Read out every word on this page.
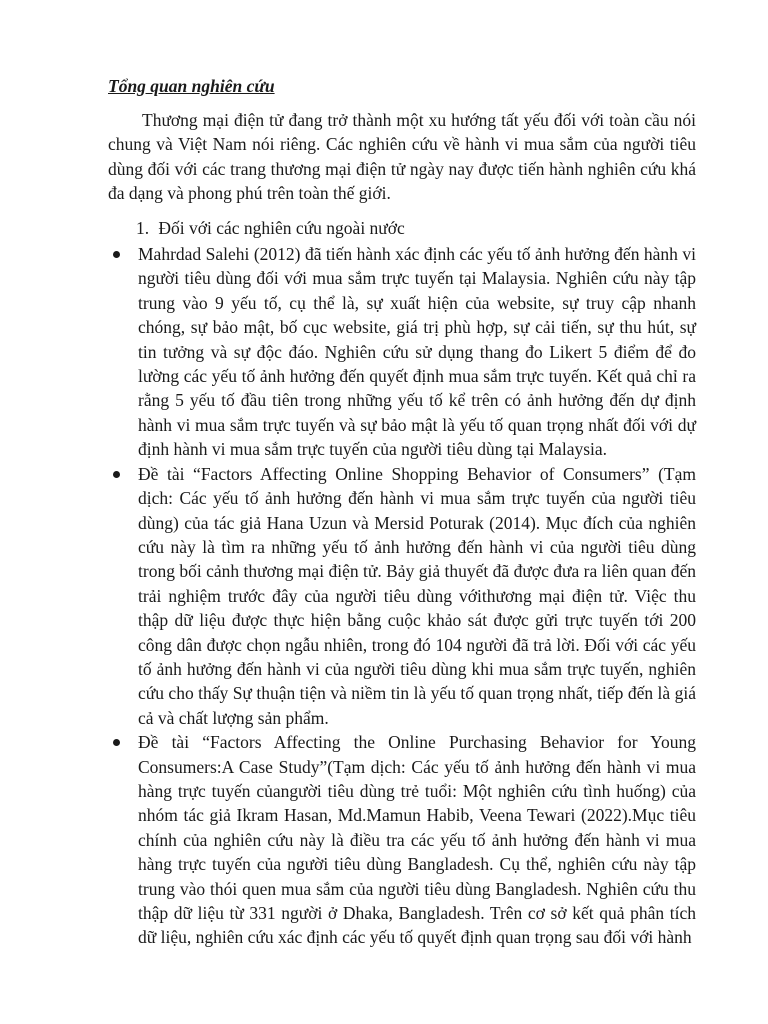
Tổng quan nghiên cứu

Thương mại điện tử đang trở thành một xu hướng tất yếu đối với toàn cầu nói chung và Việt Nam nói riêng. Các nghiên cứu về hành vi mua sắm của người tiêu dùng đối với các trang thương mại điện tử ngày nay được tiến hành nghiên cứu khá đa dạng và phong phú trên toàn thế giới.

1. Đối với các nghiên cứu ngoài nước
Mahrdad Salehi (2012) đã tiến hành xác định các yếu tố ảnh hưởng đến hành vi người tiêu dùng đối với mua sắm trực tuyến tại Malaysia. Nghiên cứu này tập trung vào 9 yếu tố, cụ thể là, sự xuất hiện của website, sự truy cập nhanh chóng, sự bảo mật, bố cục website, giá trị phù hợp, sự cải tiến, sự thu hút, sự tin tưởng và sự độc đáo. Nghiên cứu sử dụng thang đo Likert 5 điểm để đo lường các yếu tố ảnh hưởng đến quyết định mua sắm trực tuyến. Kết quả chỉ ra rằng 5 yếu tố đầu tiên trong những yếu tố kể trên có ảnh hưởng đến dự định hành vi mua sắm trực tuyến và sự bảo mật là yếu tố quan trọng nhất đối với dự định hành vi mua sắm trực tuyến của người tiêu dùng tại Malaysia.
Đề tài “Factors Affecting Online Shopping Behavior of Consumers” (Tạm dịch: Các yếu tố ảnh hưởng đến hành vi mua sắm trực tuyến của người tiêu dùng) của tác giả Hana Uzun và Mersid Poturak (2014). Mục đích của nghiên cứu này là tìm ra những yếu tố ảnh hưởng đến hành vi của người tiêu dùng trong bối cảnh thương mại điện tử. Bảy giả thuyết đã được đưa ra liên quan đến trải nghiệm trước đây của người tiêu dùng vớithương mại điện tử. Việc thu thập dữ liệu được thực hiện bằng cuộc khảo sát được gửi trực tuyến tới 200 công dân được chọn ngẫu nhiên, trong đó 104 người đã trả lời. Đối với các yếu tố ảnh hưởng đến hành vi của người tiêu dùng khi mua sắm trực tuyến, nghiên cứu cho thấy Sự thuận tiện và niềm tin là yếu tố quan trọng nhất, tiếp đến là giá cả và chất lượng sản phẩm.
Đề tài “Factors Affecting the Online Purchasing Behavior for Young Consumers:A Case Study”(Tạm dịch: Các yếu tố ảnh hưởng đến hành vi mua hàng trực tuyến củangười tiêu dùng trẻ tuổi: Một nghiên cứu tình huống) của nhóm tác giả Ikram Hasan, Md.Mamun Habib, Veena Tewari (2022).Mục tiêu chính của nghiên cứu này là điều tra các yếu tố ảnh hưởng đến hành vi mua hàng trực tuyến của người tiêu dùng Bangladesh. Cụ thể, nghiên cứu này tập trung vào thói quen mua sắm của người tiêu dùng Bangladesh. Nghiên cứu thu thập dữ liệu từ 331 người ở Dhaka, Bangladesh. Trên cơ sở kết quả phân tích dữ liệu, nghiên cứu xác định các yếu tố quyết định quan trọng sau đối với hành
